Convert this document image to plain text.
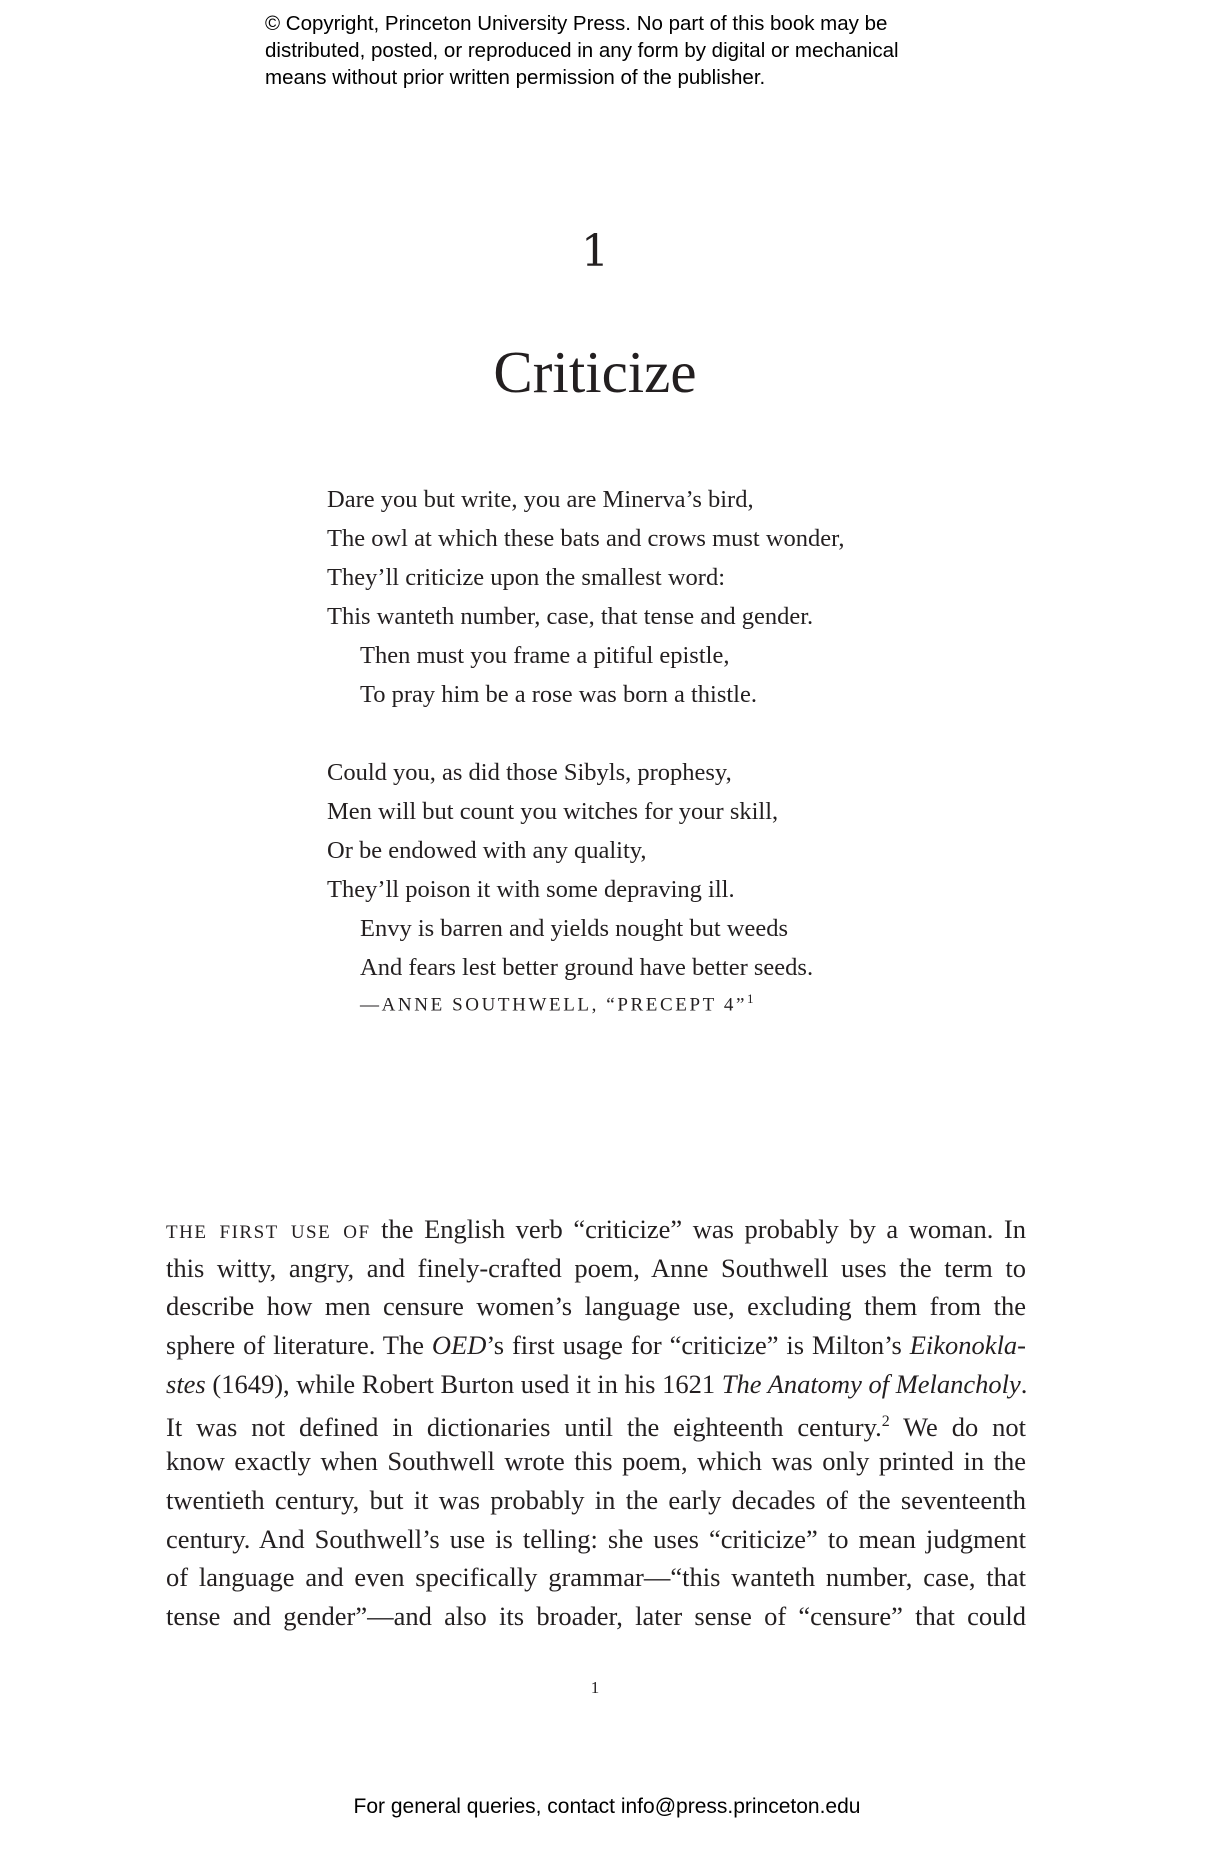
© Copyright, Princeton University Press. No part of this book may be
distributed, posted, or reproduced in any form by digital or mechanical
means without prior written permission of the publisher.
1
Criticize
Dare you but write, you are Minerva’s bird,
The owl at which these bats and crows must wonder,
They’ll criticize upon the smallest word:
This wanteth number, case, that tense and gender.
Then must you frame a pitiful epistle,
To pray him be a rose was born a thistle.
Could you, as did those Sibyls, prophesy,
Men will but count you witches for your skill,
Or be endowed with any quality,
They’ll poison it with some depraving ill.
Envy is barren and yields nought but weeds
And fears lest better ground have better seeds.
—ANNE SOUTHWELL, “PRECEPT 4”$^1$
the first use of the English verb “criticize” was probably by a woman. In
this witty, angry, and finely-crafted poem, Anne Southwell uses the term to
describe how men censure women’s language use, excluding them from the
sphere of literature. The OED’s first usage for “criticize” is Milton’s Eikonokla-
stes (1649), while Robert Burton used it in his 1621 The Anatomy of Melancholy.
It was not defined in dictionaries until the eighteenth century.$^2$ We do not
know exactly when Southwell wrote this poem, which was only printed in the
twentieth century, but it was probably in the early decades of the seventeenth
century. And Southwell’s use is telling: she uses “criticize” to mean judgment
of language and even specifically grammar—“this wanteth number, case, that
tense and gender”—and also its broader, later sense of “censure” that could
1
For general queries, contact info@press.princeton.edu
